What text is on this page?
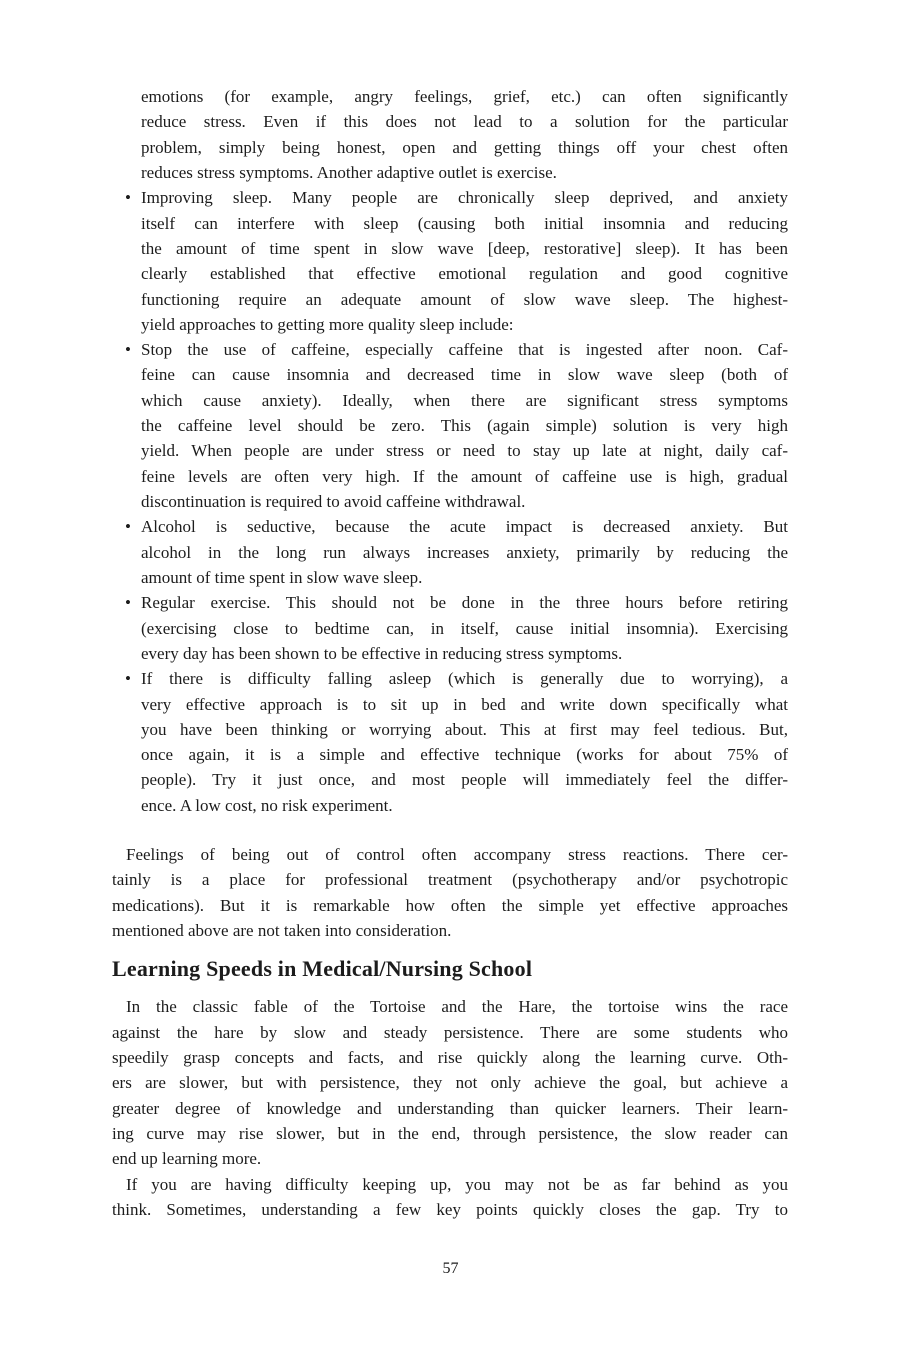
emotions (for example, angry feelings, grief, etc.) can often significantly
reduce stress. Even if this does not lead to a solution for the particular
problem, simply being honest, open and getting things off your chest often
reduces stress symptoms. Another adaptive outlet is exercise.
• Improving sleep. Many people are chronically sleep deprived, and anxiety
itself can interfere with sleep (causing both initial insomnia and reducing
the amount of time spent in slow wave [deep, restorative] sleep). It has been
clearly established that effective emotional regulation and good cognitive
functioning require an adequate amount of slow wave sleep. The highest-
yield approaches to getting more quality sleep include:
• Stop the use of caffeine, especially caffeine that is ingested after noon. Caf-
feine can cause insomnia and decreased time in slow wave sleep (both of
which cause anxiety). Ideally, when there are significant stress symptoms
the caffeine level should be zero. This (again simple) solution is very high
yield. When people are under stress or need to stay up late at night, daily caf-
feine levels are often very high. If the amount of caffeine use is high, gradual
discontinuation is required to avoid caffeine withdrawal.
• Alcohol is seductive, because the acute impact is decreased anxiety. But
alcohol in the long run always increases anxiety, primarily by reducing the
amount of time spent in slow wave sleep.
• Regular exercise. This should not be done in the three hours before retiring
(exercising close to bedtime can, in itself, cause initial insomnia). Exercising
every day has been shown to be effective in reducing stress symptoms.
• If there is difficulty falling asleep (which is generally due to worrying), a
very effective approach is to sit up in bed and write down specifically what
you have been thinking or worrying about. This at first may feel tedious. But,
once again, it is a simple and effective technique (works for about 75% of
people). Try it just once, and most people will immediately feel the differ-
ence. A low cost, no risk experiment.
Feelings of being out of control often accompany stress reactions. There cer-
tainly is a place for professional treatment (psychotherapy and/or psychotropic
medications). But it is remarkable how often the simple yet effective approaches
mentioned above are not taken into consideration.
Learning Speeds in Medical/Nursing School
In the classic fable of the Tortoise and the Hare, the tortoise wins the race
against the hare by slow and steady persistence. There are some students who
speedily grasp concepts and facts, and rise quickly along the learning curve. Oth-
ers are slower, but with persistence, they not only achieve the goal, but achieve a
greater degree of knowledge and understanding than quicker learners. Their learn-
ing curve may rise slower, but in the end, through persistence, the slow reader can
end up learning more.
If you are having difficulty keeping up, you may not be as far behind as you
think. Sometimes, understanding a few key points quickly closes the gap. Try to
57
